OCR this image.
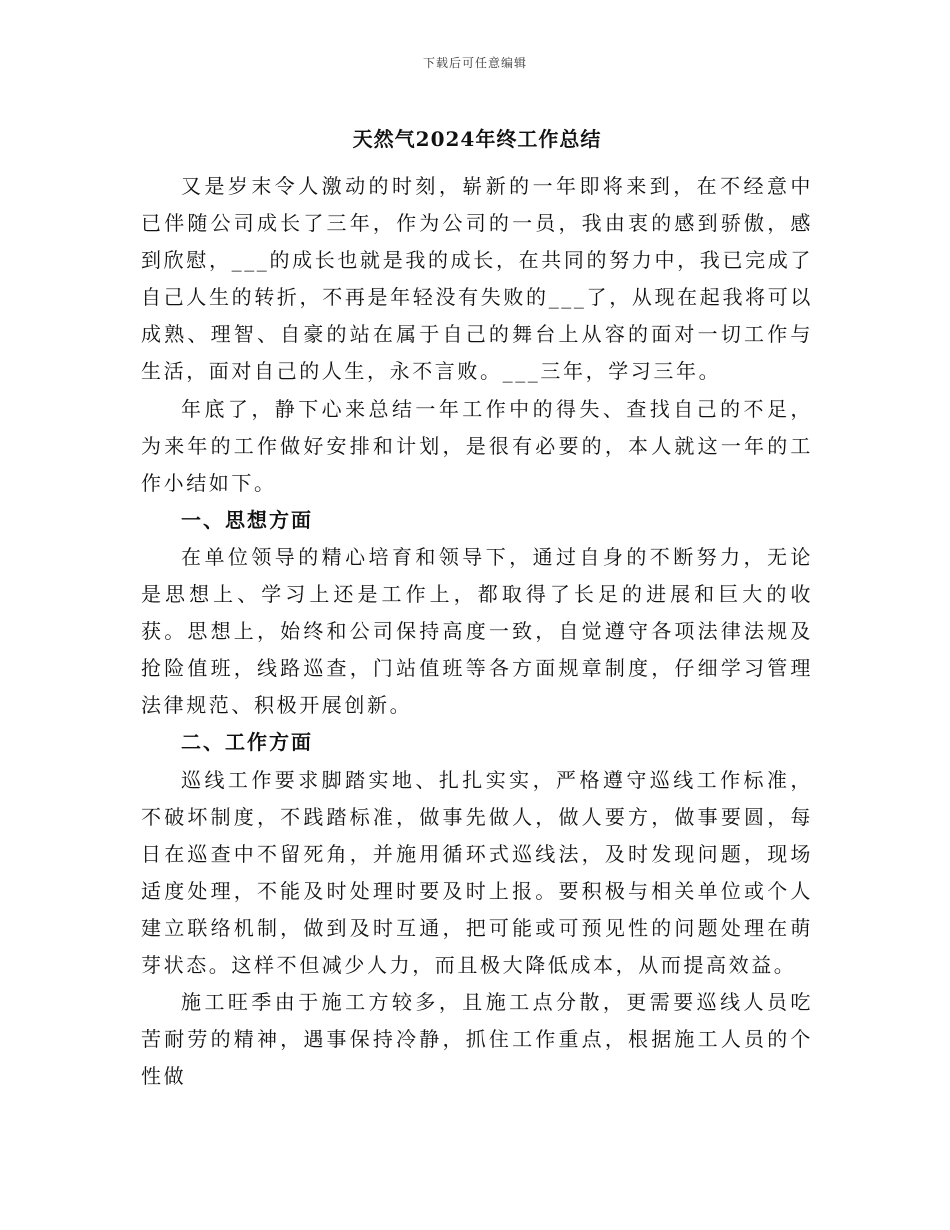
下载后可任意编辑
天然气2024年终工作总结

又是岁末令人激动的时刻，崭新的一年即将来到，在不经意中已伴随公司成长了三年，作为公司的一员，我由衷的感到骄傲，感到欣慰，___的成长也就是我的成长，在共同的努力中，我已完成了自己人生的转折，不再是年轻没有失败的___了，从现在起我将可以成熟、理智、自豪的站在属于自己的舞台上从容的面对一切工作与生活，面对自己的人生，永不言败。___三年，学习三年。

年底了，静下心来总结一年工作中的得失、查找自己的不足，为来年的工作做好安排和计划，是很有必要的，本人就这一年的工作小结如下。

一、思想方面

在单位领导的精心培育和领导下，通过自身的不断努力，无论是思想上、学习上还是工作上，都取得了长足的进展和巨大的收获。思想上，始终和公司保持高度一致，自觉遵守各项法律法规及抢险值班，线路巡查，门站值班等各方面规章制度，仔细学习管理法律规范、积极开展创新。

二、工作方面

巡线工作要求脚踏实地、扎扎实实，严格遵守巡线工作标准，不破坏制度，不践踏标准，做事先做人，做人要方，做事要圆，每日在巡查中不留死角，并施用循环式巡线法，及时发现问题，现场适度处理，不能及时处理时要及时上报。要积极与相关单位或个人建立联络机制，做到及时互通，把可能或可预见性的问题处理在萌芽状态。这样不但减少人力，而且极大降低成本，从而提高效益。

施工旺季由于施工方较多，且施工点分散，更需要巡线人员吃苦耐劳的精神，遇事保持冷静，抓住工作重点，根据施工人员的个性做
